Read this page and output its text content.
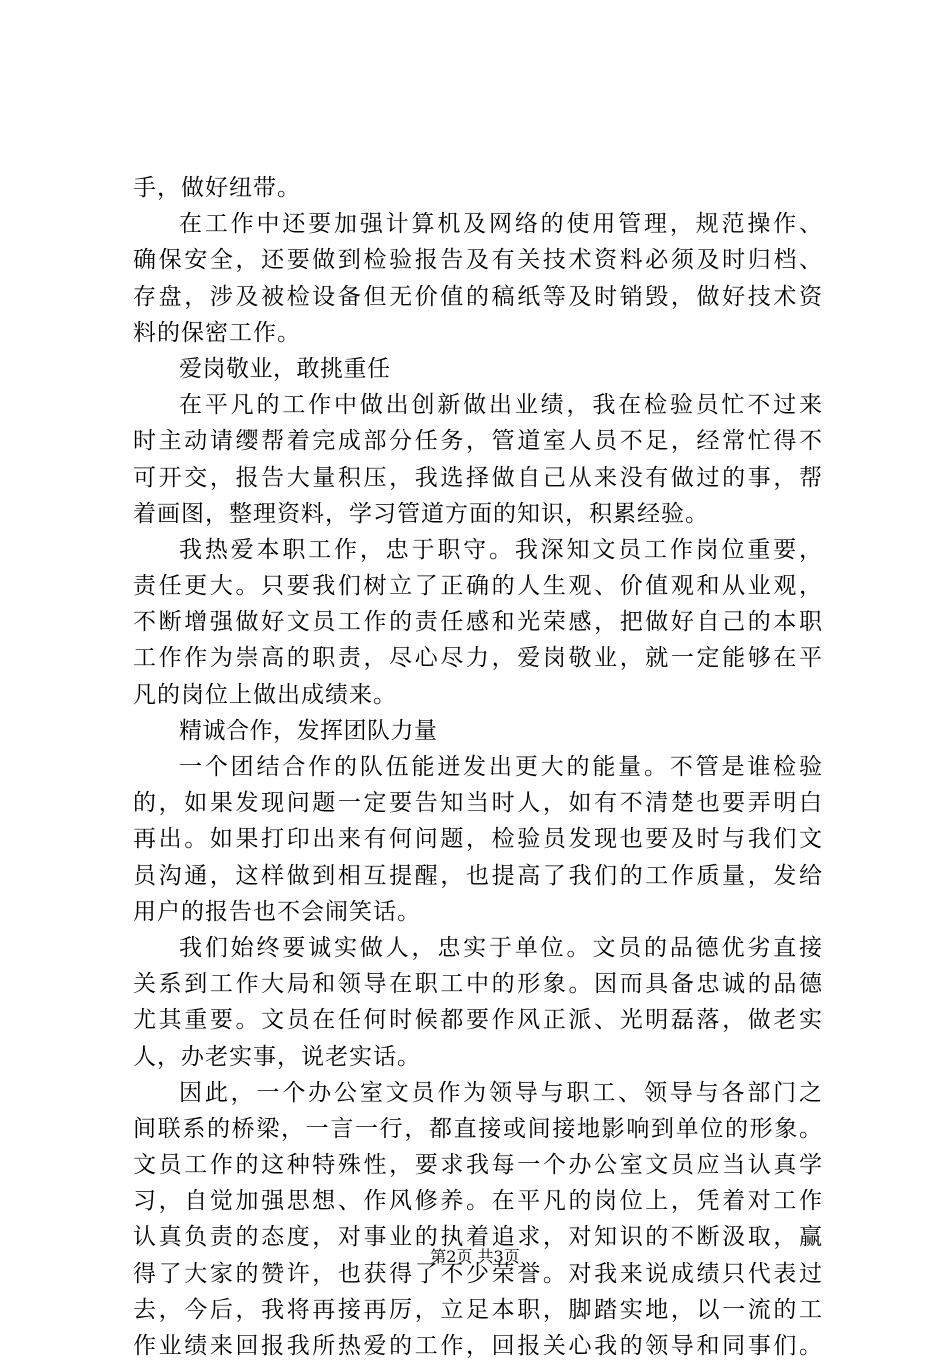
手，做好纽带。
在工作中还要加强计算机及网络的使用管理，规范操作、
确保安全，还要做到检验报告及有关技术资料必须及时归档、
存盘，涉及被检设备但无价值的稿纸等及时销毁，做好技术资
料的保密工作。
爱岗敬业，敢挑重任
在平凡的工作中做出创新做出业绩，我在检验员忙不过来
时主动请缨帮着完成部分任务，管道室人员不足，经常忙得不
可开交，报告大量积压，我选择做自己从来没有做过的事，帮
着画图，整理资料，学习管道方面的知识，积累经验。
我热爱本职工作，忠于职守。我深知文员工作岗位重要，
责任更大。只要我们树立了正确的人生观、价值观和从业观，
不断增强做好文员工作的责任感和光荣感，把做好自己的本职
工作作为崇高的职责，尽心尽力，爱岗敬业，就一定能够在平
凡的岗位上做出成绩来。
精诚合作，发挥团队力量
一个团结合作的队伍能迸发出更大的能量。不管是谁检验
的，如果发现问题一定要告知当时人，如有不清楚也要弄明白
再出。如果打印出来有何问题，检验员发现也要及时与我们文
员沟通，这样做到相互提醒，也提高了我们的工作质量，发给
用户的报告也不会闹笑话。
我们始终要诚实做人，忠实于单位。文员的品德优劣直接
关系到工作大局和领导在职工中的形象。因而具备忠诚的品德
尤其重要。文员在任何时候都要作风正派、光明磊落，做老实
人，办老实事，说老实话。
因此，一个办公室文员作为领导与职工、领导与各部门之
间联系的桥梁，一言一行，都直接或间接地影响到单位的形象。
文员工作的这种特殊性，要求我每一个办公室文员应当认真学
习，自觉加强思想、作风修养。在平凡的岗位上，凭着对工作
认真负责的态度，对事业的执着追求，对知识的不断汲取，赢
得了大家的赞许，也获得了不少荣誉。对我来说成绩只代表过
去，今后，我将再接再厉，立足本职，脚踏实地，以一流的工
作业绩来回报我所热爱的工作，回报关心我的领导和同事们。
第2页 共3页
